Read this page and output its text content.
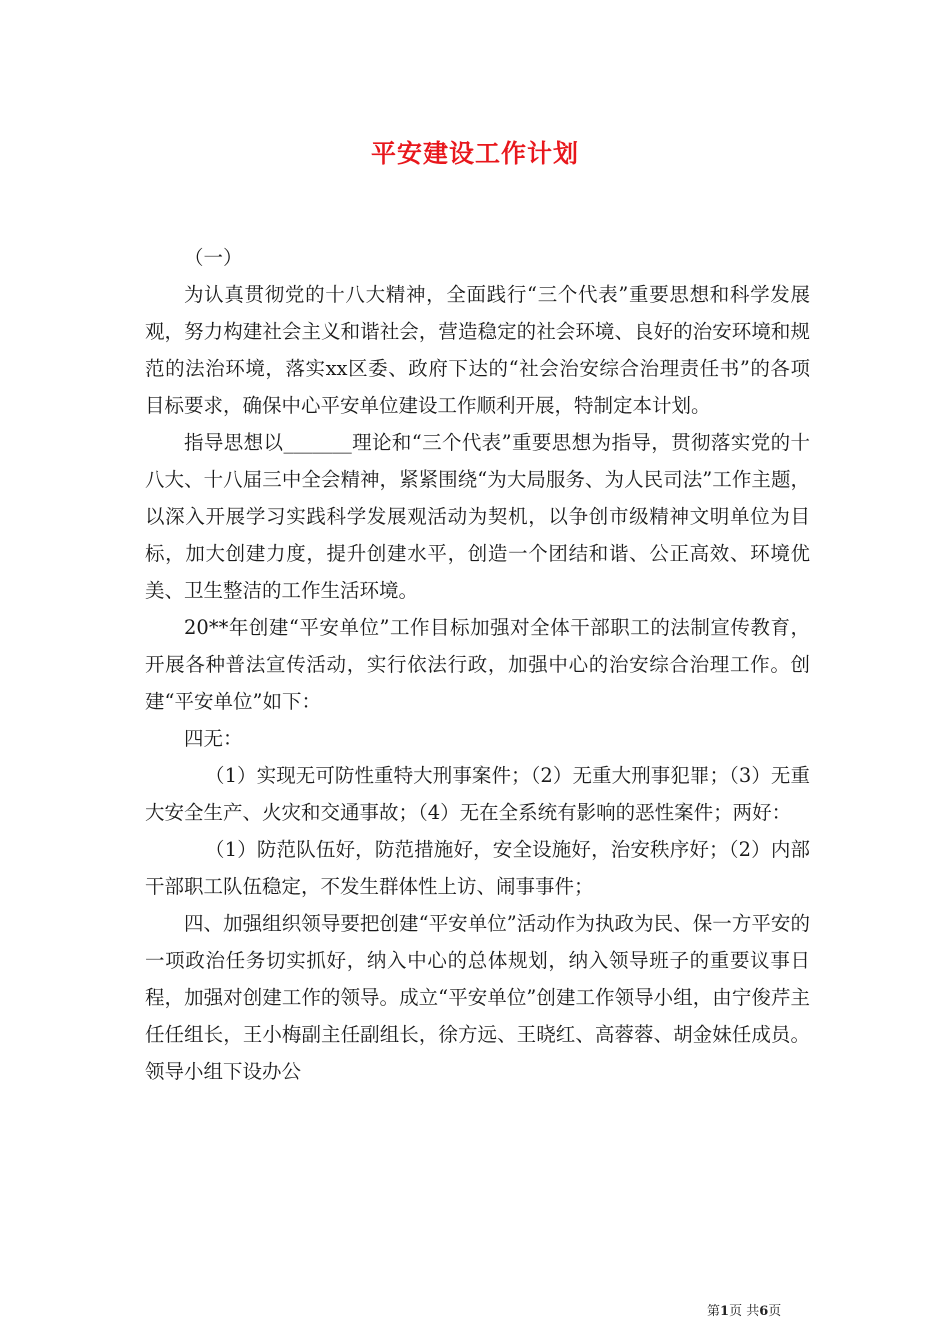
平安建设工作计划

（一）

为认真贯彻党的十八大精神，全面践行“三个代表”重要思想和科学发展观，努力构建社会主义和谐社会，营造稳定的社会环境、良好的治安环境和规范的法治环境，落实xx区委、政府下达的“社会治安综合治理责任书”的各项目标要求，确保中心平安单位建设工作顺利开展，特制定本计划。

指导思想以_______理论和“三个代表”重要思想为指导，贯彻落实党的十八大、十八届三中全会精神，紧紧围绕“为大局服务、为人民司法”工作主题，以深入开展学习实践科学发展观活动为契机，以争创市级精神文明单位为目标，加大创建力度，提升创建水平，创造一个团结和谐、公正高效、环境优美、卫生整洁的工作生活环境。

20**年创建“平安单位”工作目标加强对全体干部职工的法制宣传教育，开展各种普法宣传活动，实行依法行政，加强中心的治安综合治理工作。创建“平安单位”如下：

四无：

（1）实现无可防性重特大刑事案件；（2）无重大刑事犯罪；（3）无重大安全生产、火灾和交通事故；（4）无在全系统有影响的恶性案件；两好：

（1）防范队伍好，防范措施好，安全设施好，治安秩序好；（2）内部干部职工队伍稳定，不发生群体性上访、闹事事件；

四、加强组织领导要把创建“平安单位”活动作为执政为民、保一方平安的一项政治任务切实抓好，纳入中心的总体规划，纳入领导班子的重要议事日程，加强对创建工作的领导。成立“平安单位”创建工作领导小组，由宁俊芹主任任组长，王小梅副主任副组长，徐方远、王晓红、高蓉蓉、胡金妹任成员。领导小组下设办公

第1页 共6页
